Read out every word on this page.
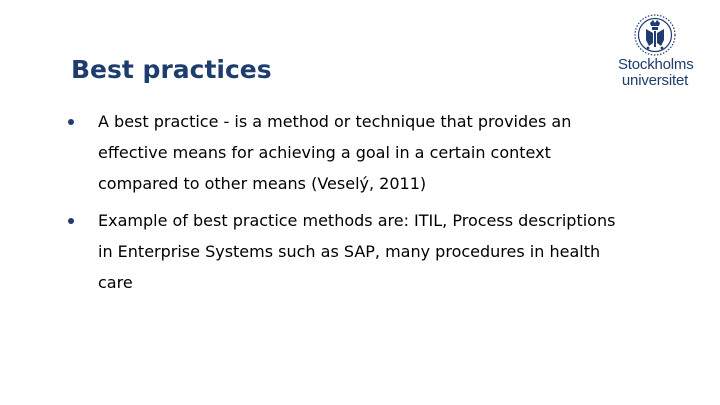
Best practices	Stockholms
universitet
A best practice - is a method or technique that provides an effective means for achieving a goal in a certain context compared to other means (Veselý, 2011)
Example of best practice methods are: ITIL, Process descriptions in Enterprise Systems such as SAP, many procedures in health care
